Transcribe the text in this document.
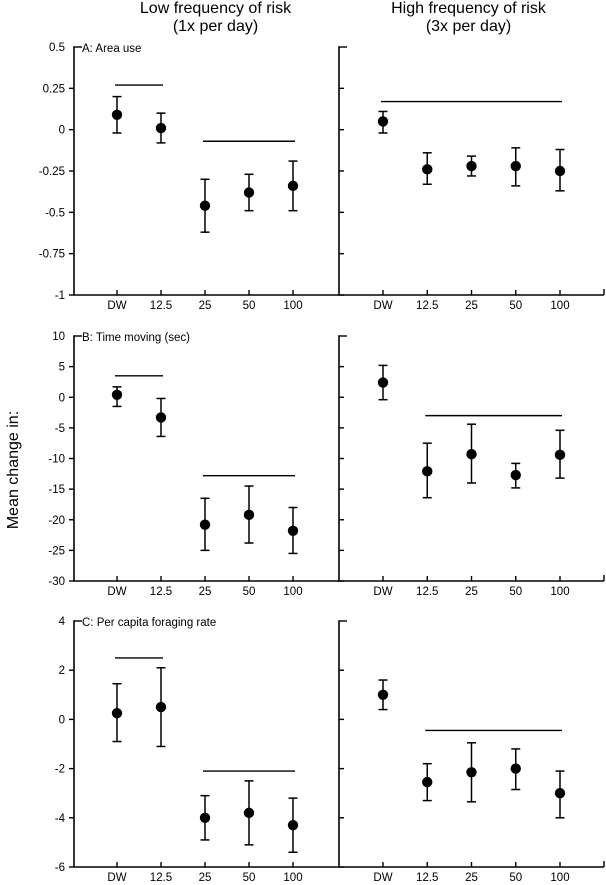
Low frequency of risk
(1x per day)
High frequency of risk
(3x per day)
Mean change in:
0.5
0.25
0
-0.25
-0.5
-0.75
-1
DW 12.5 25	50 100
A: Area use
DW 12.5 25	50 100
10
5
0
-5
-10
-15
-20
-25
-30
DW 12.5 25	50 100
B: Time moving (sec)
DW 12.5 25	50 100
4
2
0
-2
-4
-6
DW 12.5 25	50 100
C: Per capita foraging rate
DW 12.5 25	50 100
